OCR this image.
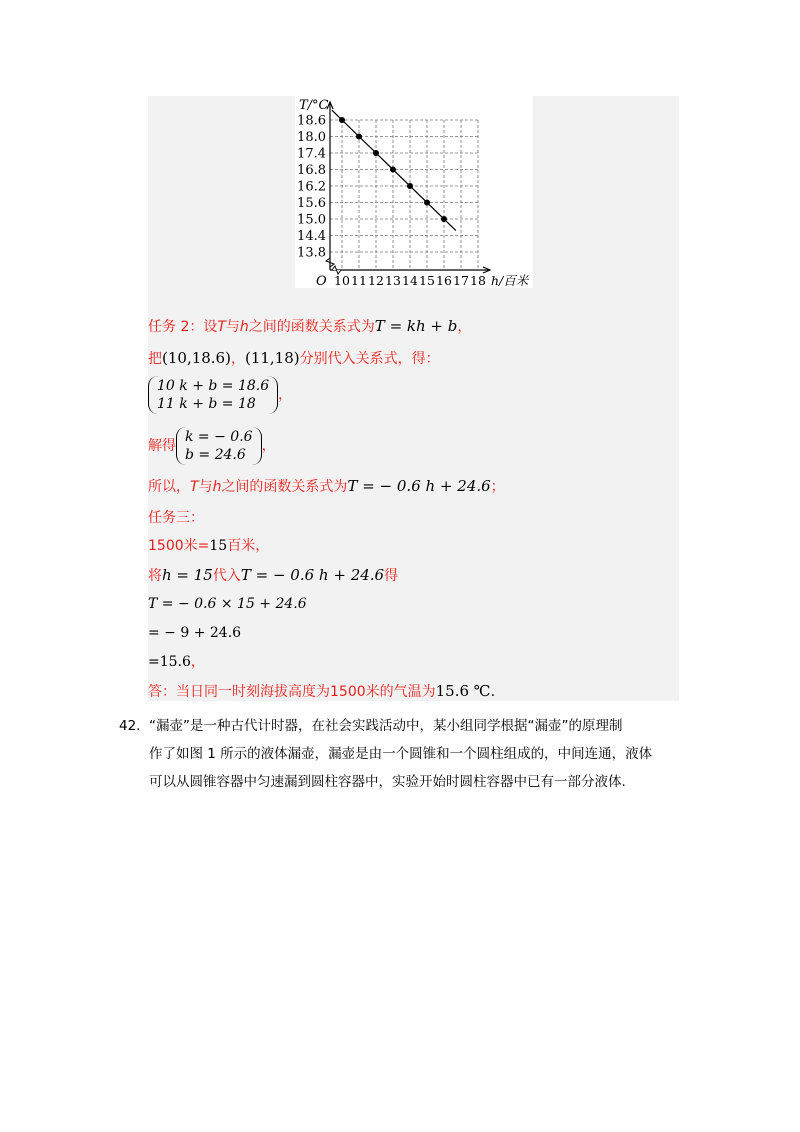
18.6
18.0
17.4
16.8
16.2
15.6
15.0
14.4
13.8
10 11 12 13 14 15 16 17 18
T/°C
h/百米
O
任务 2：设T与h之间的函数关系式为T = kh + b，
把(10,18.6)，(11,18)分别代入关系式，得：
10 k + b = 18.6
11 k + b = 18
，
解得
k = − 0.6
b = 24.6
，
所以，T与h之间的函数关系式为T = − 0.6 h + 24.6；
任务三：
1500米=15百米，
将h = 15代入T = − 0.6 h + 24.6得
T = − 0.6 × 15 + 24.6
= − 9 + 24.6
=15.6，
答：当日同一时刻海拔高度为1500米的气温为15.6 ℃.
42. “漏壶”是一种古代计时器，在社会实践活动中，某小组同学根据“漏壶”的原理制
作了如图 1 所示的液体漏壶，漏壶是由一个圆锥和一个圆柱组成的，中间连通，液体
可以从圆锥容器中匀速漏到圆柱容器中，实验开始时圆柱容器中已有一部分液体.
